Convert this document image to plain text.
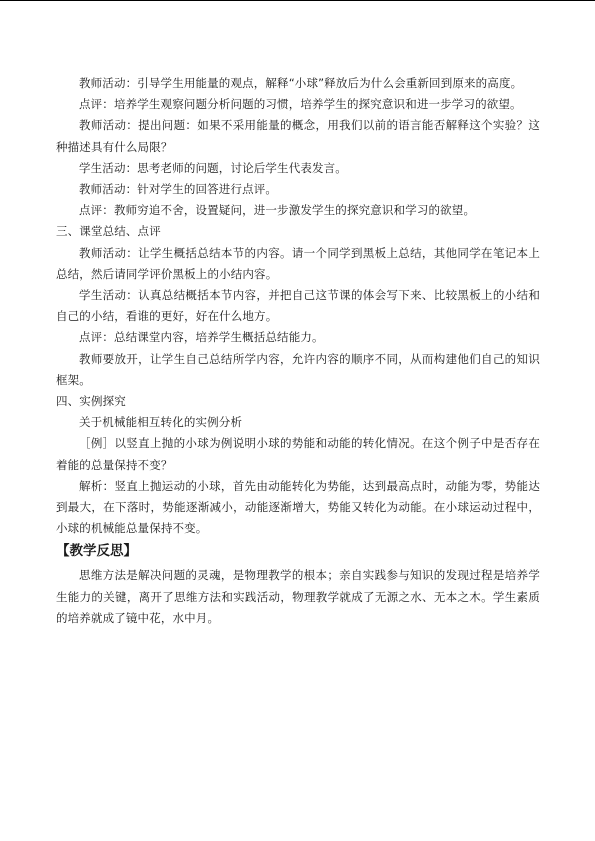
教师活动：引导学生用能量的观点，解释“小球”释放后为什么会重新回到原来的高度。

点评：培养学生观察问题分析问题的习惯，培养学生的探究意识和进一步学习的欲望。

教师活动：提出问题：如果不采用能量的概念，用我们以前的语言能否解释这个实验？这种描述具有什么局限？

学生活动：思考老师的问题，讨论后学生代表发言。

教师活动：针对学生的回答进行点评。

点评：教师穷追不舍，设置疑问，进一步激发学生的探究意识和学习的欲望。

三、课堂总结、点评

教师活动：让学生概括总结本节的内容。请一个同学到黑板上总结，其他同学在笔记本上总结，然后请同学评价黑板上的小结内容。

学生活动：认真总结概括本节内容，并把自己这节课的体会写下来、比较黑板上的小结和自己的小结，看谁的更好，好在什么地方。

点评：总结课堂内容，培养学生概括总结能力。

教师要放开，让学生自己总结所学内容，允许内容的顺序不同，从而构建他们自己的知识框架。

四、实例探究

关于机械能相互转化的实例分析

［例］以竖直上抛的小球为例说明小球的势能和动能的转化情况。在这个例子中是否存在着能的总量保持不变？

解析：竖直上抛运动的小球，首先由动能转化为势能，达到最高点时，动能为零，势能达到最大，在下落时，势能逐渐减小，动能逐渐增大，势能又转化为动能。在小球运动过程中，小球的机械能总量保持不变。

【教学反思】

思维方法是解决问题的灵魂，是物理教学的根本；亲自实践参与知识的发现过程是培养学生能力的关键，离开了思维方法和实践活动，物理教学就成了无源之水、无本之木。学生素质的培养就成了镜中花，水中月。
